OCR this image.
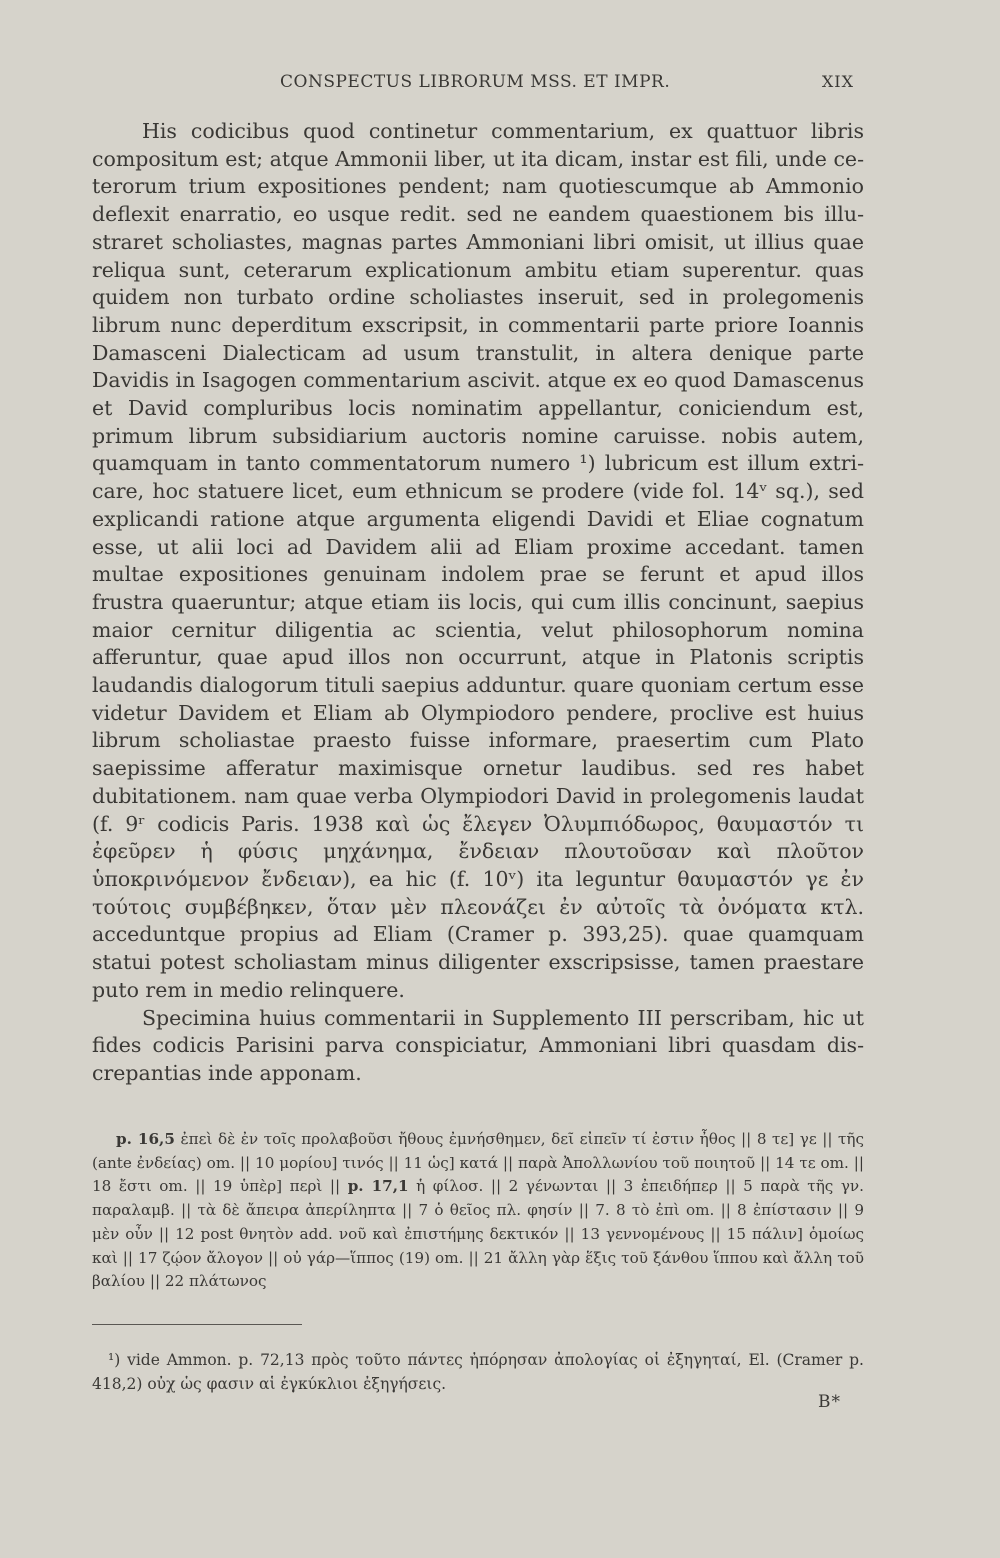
CONSPECTUS LIBRORUM MSS. ET IMPR.	XIX

His codicibus quod continetur commentarium, ex quattuor libris compositum est; atque Ammonii liber, ut ita dicam, instar est fili, unde ceterorum trium expositiones pendent; nam quotiescumque ab Ammonio deflexit enarratio, eo usque redit. sed ne eandem quaestionem bis illustraret scholiastes, magnas partes Ammoniani libri omisit, ut illius quae reliqua sunt, ceterarum explicationum ambitu etiam superentur. quas quidem non turbato ordine scholiastes inseruit, sed in prolegomenis librum nunc deperditum exscripsit, in commentarii parte priore Ioannis Damasceni Dialecticam ad usum transtulit, in altera denique parte Davidis in Isagogen commentarium ascivit. atque ex eo quod Damascenus et David compluribus locis nominatim appellantur, coniciendum est, primum librum subsidiarium auctoris nomine caruisse. nobis autem, quamquam in tanto commentatorum numero ¹) lubricum est illum extricare, hoc statuere licet, eum ethnicum se prodere (vide fol. 14ᵛ sq.), sed explicandi ratione atque argumenta eligendi Davidi et Eliae cognatum esse, ut alii loci ad Davidem alii ad Eliam proxime accedant. tamen multae expositiones genuinam indolem prae se ferunt et apud illos frustra quaeruntur; atque etiam iis locis, qui cum illis concinunt, saepius maior cernitur diligentia ac scientia, velut philosophorum nomina afferuntur, quae apud illos non occurrunt, atque in Platonis scriptis laudandis dialogorum tituli saepius adduntur. quare quoniam certum esse videtur Davidem et Eliam ab Olympiodoro pendere, proclive est huius librum scholiastae praesto fuisse informare, praesertim cum Plato saepissime afferatur maximisque ornetur laudibus. sed res habet dubitationem. nam quae verba Olympiodori David in prolegomenis laudat (f. 9ʳ codicis Paris. 1938 καὶ ὡς ἔλεγεν Ὀλυμπιόδωρος, θαυμαστόν τι ἐφεῦρεν ἡ φύσις μηχάνημα, ἔνδειαν πλουτοῦσαν καὶ πλοῦτον ὑποκρινόμενον ἔνδειαν), ea hic (f. 10ᵛ) ita leguntur θαυμαστόν γε ἐν τούτοις συμβέβηκεν, ὅταν μὲν πλεονάζει ἐν αὐτοῖς τὰ ὀνόματα κτλ. acceduntque propius ad Eliam (Cramer p. 393,25). quae quamquam statui potest scholiastam minus diligenter exscripsisse, tamen praestare puto rem in medio relinquere.

Specimina huius commentarii in Supplemento III perscribam, hic ut fides codicis Parisini parva conspiciatur, Ammoniani libri quasdam discrepantias inde apponam.

p. 16,5 ἐπεὶ δὲ ἐν τοῖς προλαβοῦσι ἤθους ἐμνήσθημεν, δεῖ εἰπεῖν τί ἐστιν ἦθος || 8 τε] γε || τῆς (ante ἐνδείας) om. || 10 μορίου] τινός || 11 ὡς] κατά || παρὰ Ἀπολλωνίου τοῦ ποιητοῦ || 14 τε om. || 18 ἔστι om. || 19 ὑπὲρ] περὶ || p. 17,1 ἡ φίλοσ. || 2 γένωνται || 3 ἐπειδήπερ || 5 παρὰ τῆς γν. παραλαμβ. || τὰ δὲ ἄπειρα ἀπερίληπτα || 7 ὁ θεῖος πλ. φησίν || 7. 8 τὸ ἐπὶ om. || 8 ἐπίστασιν || 9 μὲν οὖν || 12 post θνητὸν add. νοῦ καὶ ἐπιστήμης δεκτικόν || 13 γεννομένους || 15 πάλιν] ὁμοίως καὶ || 17 ζῴον ἄλογον || οὐ γάρ—ἵππος (19) om. || 21 ἄλλη γὰρ ἕξις τοῦ ξάνθου ἵππου καὶ ἄλλη τοῦ βαλίου || 22 πλάτωνος

¹) vide Ammon. p. 72,13 πρὸς τοῦτο πάντες ἠπόρησαν ἀπολογίας οἱ ἐξηγηταί, El. (Cramer p. 418,2) οὐχ ὡς φασιν αἱ ἐγκύκλιοι ἐξηγήσεις.

B*
